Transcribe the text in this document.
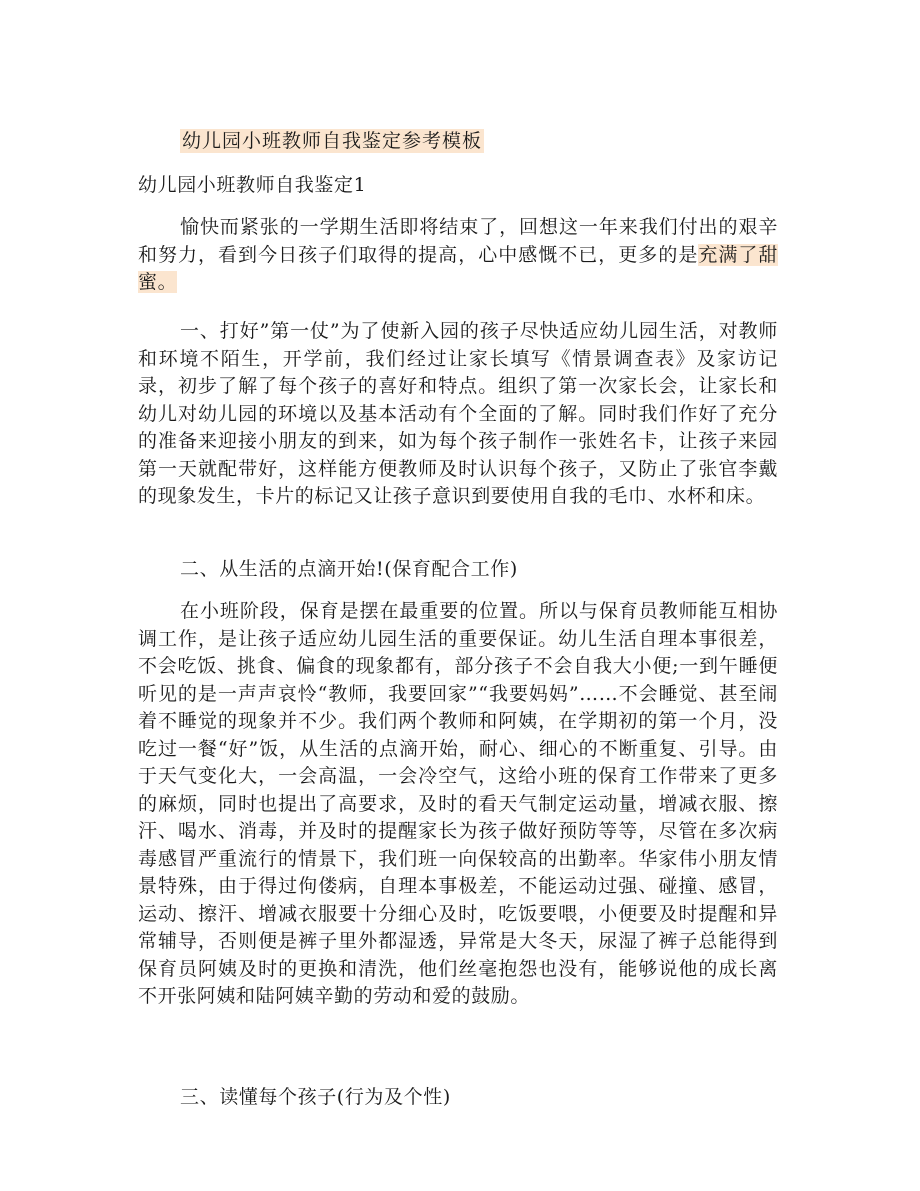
幼儿园小班教师自我鉴定参考模板

幼儿园小班教师自我鉴定1

愉快而紧张的一学期生活即将结束了，回想这一年来我们付出的艰辛和努力，看到今日孩子们取得的提高，心中感慨不已，更多的是充满了甜蜜。

一、打好”第一仗”为了使新入园的孩子尽快适应幼儿园生活，对教师和环境不陌生，开学前，我们经过让家长填写《情景调查表》及家访记录，初步了解了每个孩子的喜好和特点。组织了第一次家长会，让家长和幼儿对幼儿园的环境以及基本活动有个全面的了解。同时我们作好了充分的准备来迎接小朋友的到来，如为每个孩子制作一张姓名卡，让孩子来园第一天就配带好，这样能方便教师及时认识每个孩子，又防止了张官李戴的现象发生，卡片的标记又让孩子意识到要使用自我的毛巾、水杯和床。

二、从生活的点滴开始!(保育配合工作)

在小班阶段，保育是摆在最重要的位置。所以与保育员教师能互相协调工作，是让孩子适应幼儿园生活的重要保证。幼儿生活自理本事很差，不会吃饭、挑食、偏食的现象都有，部分孩子不会自我大小便;一到午睡便听见的是一声声哀怜“教师，我要回家”“我要妈妈”……不会睡觉、甚至闹着不睡觉的现象并不少。我们两个教师和阿姨，在学期初的第一个月，没吃过一餐“好”饭，从生活的点滴开始，耐心、细心的不断重复、引导。由于天气变化大，一会高温，一会冷空气，这给小班的保育工作带来了更多的麻烦，同时也提出了高要求，及时的看天气制定运动量，增减衣服、擦汗、喝水、消毒，并及时的提醒家长为孩子做好预防等等，尽管在多次病毒感冒严重流行的情景下，我们班一向保较高的出勤率。华家伟小朋友情景特殊，由于得过佝偻病，自理本事极差，不能运动过强、碰撞、感冒，运动、擦汗、增减衣服要十分细心及时，吃饭要喂，小便要及时提醒和异常辅导，否则便是裤子里外都湿透，异常是大冬天，尿湿了裤子总能得到保育员阿姨及时的更换和清洗，他们丝毫抱怨也没有，能够说他的成长离不开张阿姨和陆阿姨辛勤的劳动和爱的鼓励。

三、读懂每个孩子(行为及个性)
